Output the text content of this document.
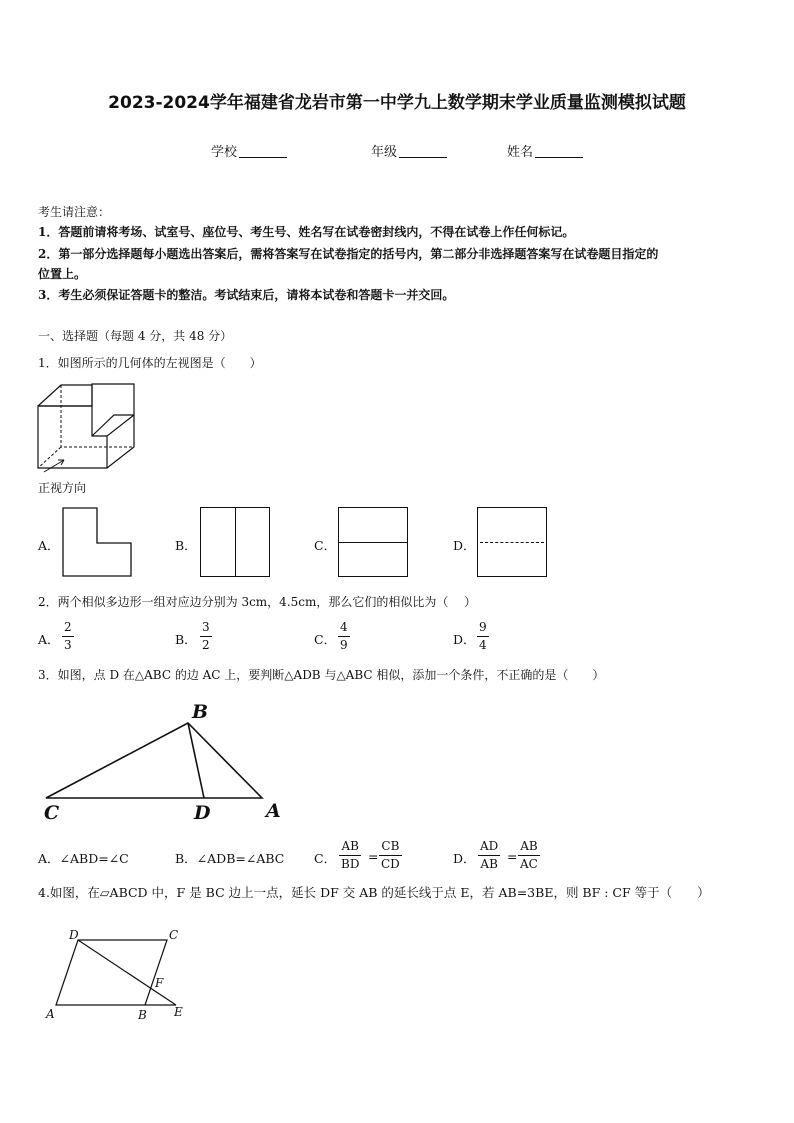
2023-2024学年福建省龙岩市第一中学九上数学期末学业质量监测模拟试题
学校	年级	姓名
考生请注意：
1．答题前请将考场、试室号、座位号、考生号、姓名写在试卷密封线内，不得在试卷上作任何标记。
2．第一部分选择题每小题选出答案后，需将答案写在试卷指定的括号内，第二部分非选择题答案写在试卷题目指定的
位置上。
3．考生必须保证答题卡的整洁。考试结束后，请将本试卷和答题卡一并交回。
一、选择题（每题 4 分，共 48 分）
1．如图所示的几何体的左视图是（　　）
正视方向
A．	B．	C．	D．
2．两个相似多边形一组对应边分别为 3cm，4.5cm，那么它们的相似比为（　 ）
A． $\frac{2}{3}$	B． $\frac{3}{2}$	C． $\frac{4}{9}$	D． $\frac{9}{4}$
3．如图，点 D 在△ABC 的边 AC 上，要判断△ADB 与△ABC 相似，添加一个条件，不正确的是（　　）
B
C	D	A
A．∠ABD=∠C	B．∠ADB=∠ABC C． $\frac{AB}{BD} = \frac{CB}{CD}$	D． $\frac{AD}{AB} = \frac{AB}{AC}$
4.如图，在▱ABCD 中，F 是 BC 边上一点，延长 DF 交 AB 的延长线于点 E，若 AB=3BE，则 BF : CF 等于（　　）
D	C
F
A	B E
